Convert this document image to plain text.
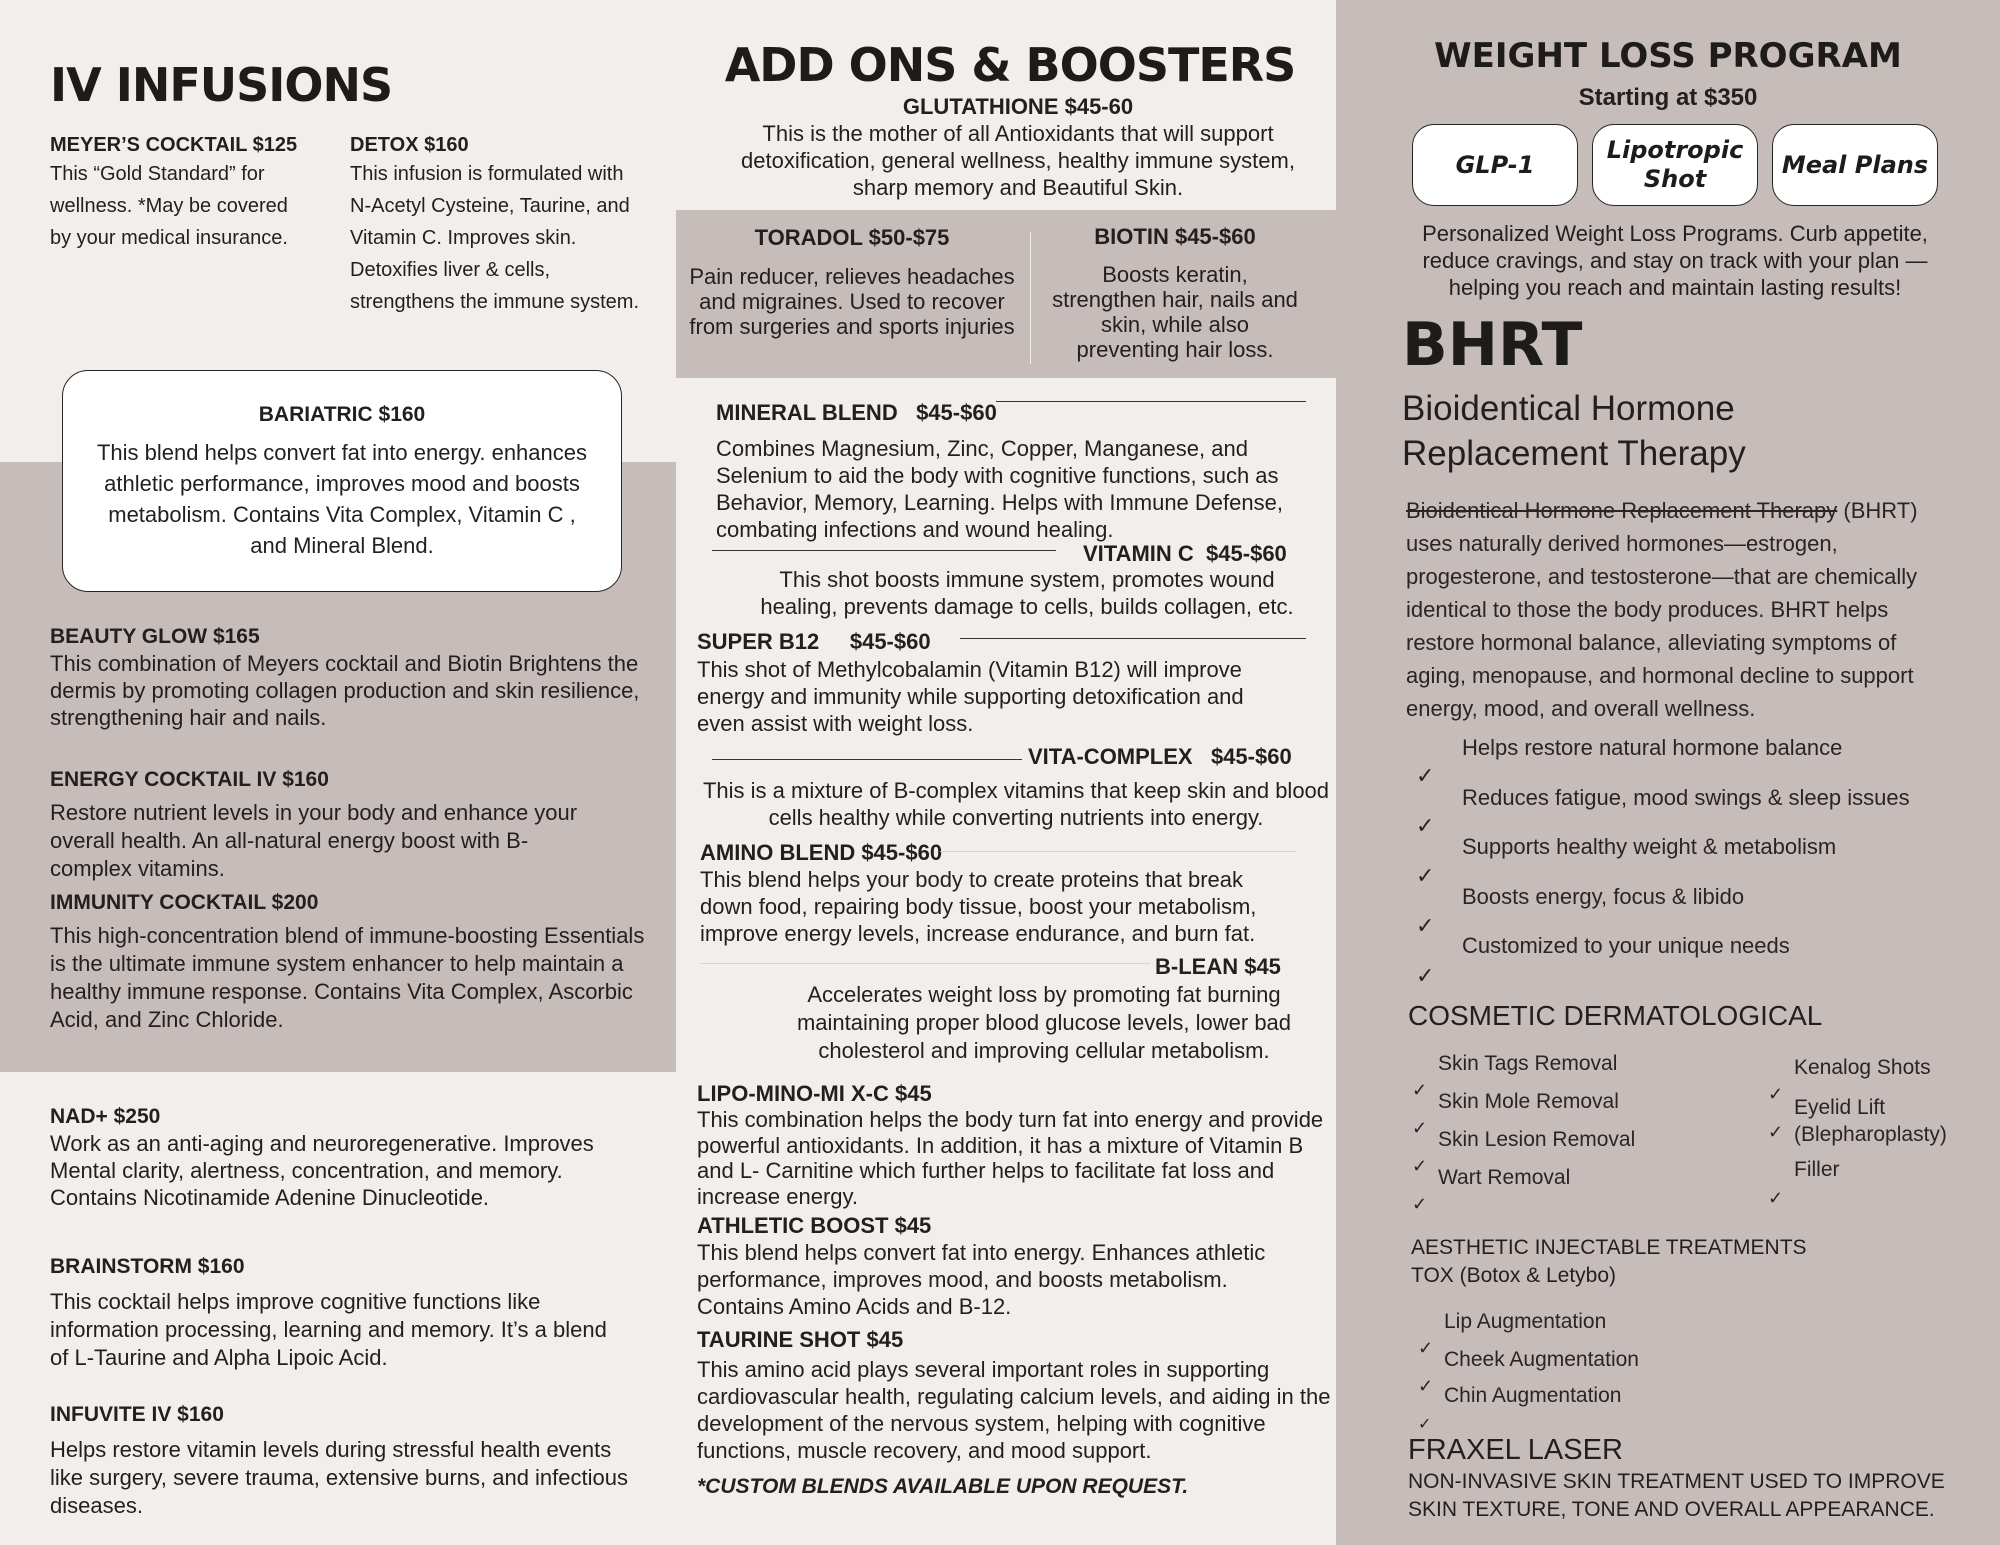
IV INFUSIONS
MEYER’S COCKTAIL $125
This “Gold Standard” for wellness. *May be covered by your medical insurance.
DETOX $160
This infusion is formulated with N-Acetyl Cysteine, Taurine, and Vitamin C. Improves skin. Detoxifies liver & cells, strengthens the immune system.
BARIATRIC $160
This blend helps convert fat into energy. enhances athletic performance, improves mood and boosts metabolism. Contains Vita Complex, Vitamin C , and Mineral Blend.
BEAUTY GLOW $165
This combination of Meyers cocktail and Biotin Brightens the dermis by promoting collagen production and skin resilience, strengthening hair and nails.
ENERGY COCKTAIL IV $160
Restore nutrient levels in your body and enhance your overall health. An all-natural energy boost with B-complex vitamins.
IMMUNITY COCKTAIL $200
This high-concentration blend of immune-boosting Essentials is the ultimate immune system enhancer to help maintain a healthy immune response. Contains Vita Complex, Ascorbic Acid, and Zinc Chloride.
NAD+ $250
Work as an anti-aging and neuroregenerative. Improves Mental clarity, alertness, concentration, and memory. Contains Nicotinamide Adenine Dinucleotide.
BRAINSTORM $160
This cocktail helps improve cognitive functions like information processing, learning and memory. It’s a blend of L-Taurine and Alpha Lipoic Acid.
INFUVITE IV $160
Helps restore vitamin levels during stressful health events like surgery, severe trauma, extensive burns, and infectious diseases.
ADD ONS & BOOSTERS
GLUTATHIONE $45-60
This is the mother of all Antioxidants that will support detoxification, general wellness, healthy immune system, sharp memory and Beautiful Skin.
TORADOL $50-$75
Pain reducer, relieves headaches and migraines. Used to recover from surgeries and sports injuries
BIOTIN $45-$60
Boosts keratin, strengthen hair, nails and skin, while also preventing hair loss.
MINERAL BLEND $45-$60
Combines Magnesium, Zinc, Copper, Manganese, and Selenium to aid the body with cognitive functions, such as Behavior, Memory, Learning. Helps with Immune Defense, combating infections and wound healing.
VITAMIN C $45-$60
This shot boosts immune system, promotes wound healing, prevents damage to cells, builds collagen, etc.
SUPER B12 $45-$60
This shot of Methylcobalamin (Vitamin B12) will improve energy and immunity while supporting detoxification and even assist with weight loss.
VITA-COMPLEX $45-$60
This is a mixture of B-complex vitamins that keep skin and blood cells healthy while converting nutrients into energy.
AMINO BLEND $45-$60
This blend helps your body to create proteins that break down food, repairing body tissue, boost your metabolism, improve energy levels, increase endurance, and burn fat.
B-LEAN $45
Accelerates weight loss by promoting fat burning maintaining proper blood glucose levels, lower bad cholesterol and improving cellular metabolism.
LIPO-MINO-MI X-C $45
This combination helps the body turn fat into energy and provide powerful antioxidants. In addition, it has a mixture of Vitamin B and L- Carnitine which further helps to facilitate fat loss and increase energy.
ATHLETIC BOOST $45
This blend helps convert fat into energy. Enhances athletic performance, improves mood, and boosts metabolism. Contains Amino Acids and B-12.
TAURINE SHOT $45
This amino acid plays several important roles in supporting cardiovascular health, regulating calcium levels, and aiding in the development of the nervous system, helping with cognitive functions, muscle recovery, and mood support.
*CUSTOM BLENDS AVAILABLE UPON REQUEST.
WEIGHT LOSS PROGRAM
Starting at $350
GLP-1
Lipotropic Shot
Meal Plans
Personalized Weight Loss Programs. Curb appetite, reduce cravings, and stay on track with your plan — helping you reach and maintain lasting results!
BHRT
Bioidentical Hormone Replacement Therapy
Bioidentical Hormone Replacement Therapy (BHRT) uses naturally derived hormones—estrogen, progesterone, and testosterone—that are chemically identical to those the body produces. BHRT helps restore hormonal balance, alleviating symptoms of aging, menopause, and hormonal decline to support energy, mood, and overall wellness.
Helps restore natural hormone balance
✓
Reduces fatigue, mood swings & sleep issues
✓
Supports healthy weight & metabolism
✓
Boosts energy, focus & libido
✓
Customized to your unique needs
✓
COSMETIC DERMATOLOGICAL
Skin Tags Removal
✓ Skin Mole Removal
✓ Skin Lesion Removal
✓ Wart Removal
✓
Kenalog Shots
✓
Eyelid Lift (Blepharoplasty)
✓
Filler
✓
AESTHETIC INJECTABLE TREATMENTS
TOX (Botox & Letybo)
Lip Augmentation
✓ Cheek Augmentation
✓ Chin Augmentation
✓
FRAXEL LASER
NON-INVASIVE SKIN TREATMENT USED TO IMPROVE SKIN TEXTURE, TONE AND OVERALL APPEARANCE.
